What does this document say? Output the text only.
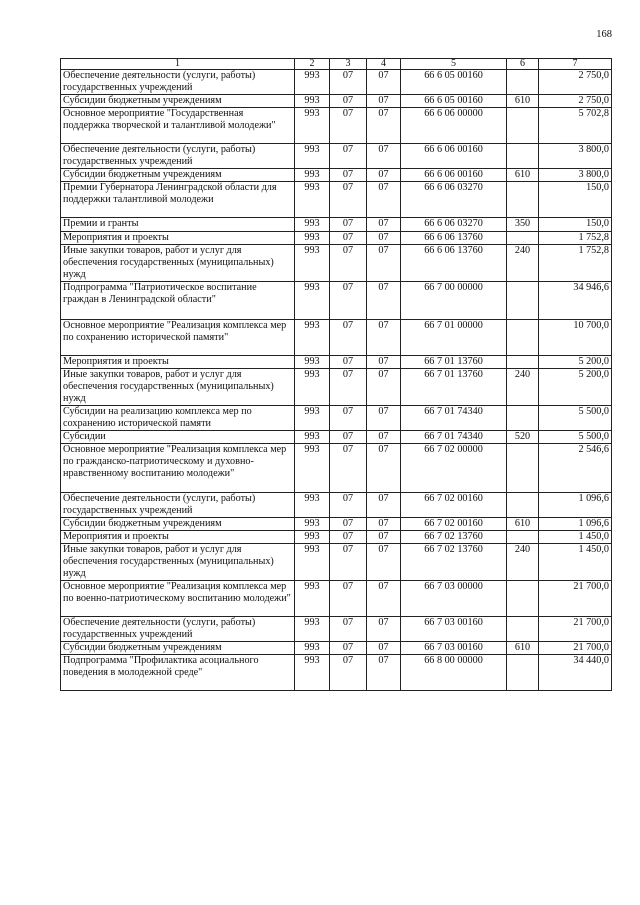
168
1	2	3	4	5	6	7
Обеспечение деятельности (услуги, работы) государственных учреждений	993	07	07	66 6 05 00160		2 750,0
Субсидии бюджетным учреждениям	993	07	07	66 6 05 00160	610	2 750,0
Основное мероприятие "Государственная поддержка творческой и талантливой молодежи"	993	07	07	66 6 06 00000		5 702,8
Обеспечение деятельности (услуги, работы) государственных учреждений	993	07	07	66 6 06 00160		3 800,0
Субсидии бюджетным учреждениям	993	07	07	66 6 06 00160	610	3 800,0
Премии Губернатора Ленинградской области для поддержки талантливой молодежи	993	07	07	66 6 06 03270		150,0
Премии и гранты	993	07	07	66 6 06 03270	350	150,0
Мероприятия и проекты	993	07	07	66 6 06 13760		1 752,8
Иные закупки товаров, работ и услуг для обеспечения государственных (муниципальных) нужд	993	07	07	66 6 06 13760	240	1 752,8
Подпрограмма "Патриотическое воспитание граждан в Ленинградской области"	993	07	07	66 7 00 00000		34 946,6
Основное мероприятие "Реализация комплекса мер по сохранению исторической памяти"	993	07	07	66 7 01 00000		10 700,0
Мероприятия и проекты	993	07	07	66 7 01 13760		5 200,0
Иные закупки товаров, работ и услуг для обеспечения государственных (муниципальных) нужд	993	07	07	66 7 01 13760	240	5 200,0
Субсидии на реализацию комплекса мер по сохранению исторической памяти	993	07	07	66 7 01 74340		5 500,0
Субсидии	993	07	07	66 7 01 74340	520	5 500,0
Основное мероприятие "Реализация комплекса мер по гражданско-патриотическому и духовно-нравственному воспитанию молодежи"	993	07	07	66 7 02 00000		2 546,6
Обеспечение деятельности (услуги, работы) государственных учреждений	993	07	07	66 7 02 00160		1 096,6
Субсидии бюджетным учреждениям	993	07	07	66 7 02 00160	610	1 096,6
Мероприятия и проекты	993	07	07	66 7 02 13760		1 450,0
Иные закупки товаров, работ и услуг для обеспечения государственных (муниципальных) нужд	993	07	07	66 7 02 13760	240	1 450,0
Основное мероприятие "Реализация комплекса мер по военно-патриотическому воспитанию молодежи"	993	07	07	66 7 03 00000		21 700,0
Обеспечение деятельности (услуги, работы) государственных учреждений	993	07	07	66 7 03 00160		21 700,0
Субсидии бюджетным учреждениям	993	07	07	66 7 03 00160	610	21 700,0
Подпрограмма "Профилактика асоциального поведения в молодежной среде"	993	07	07	66 8 00 00000		34 440,0
